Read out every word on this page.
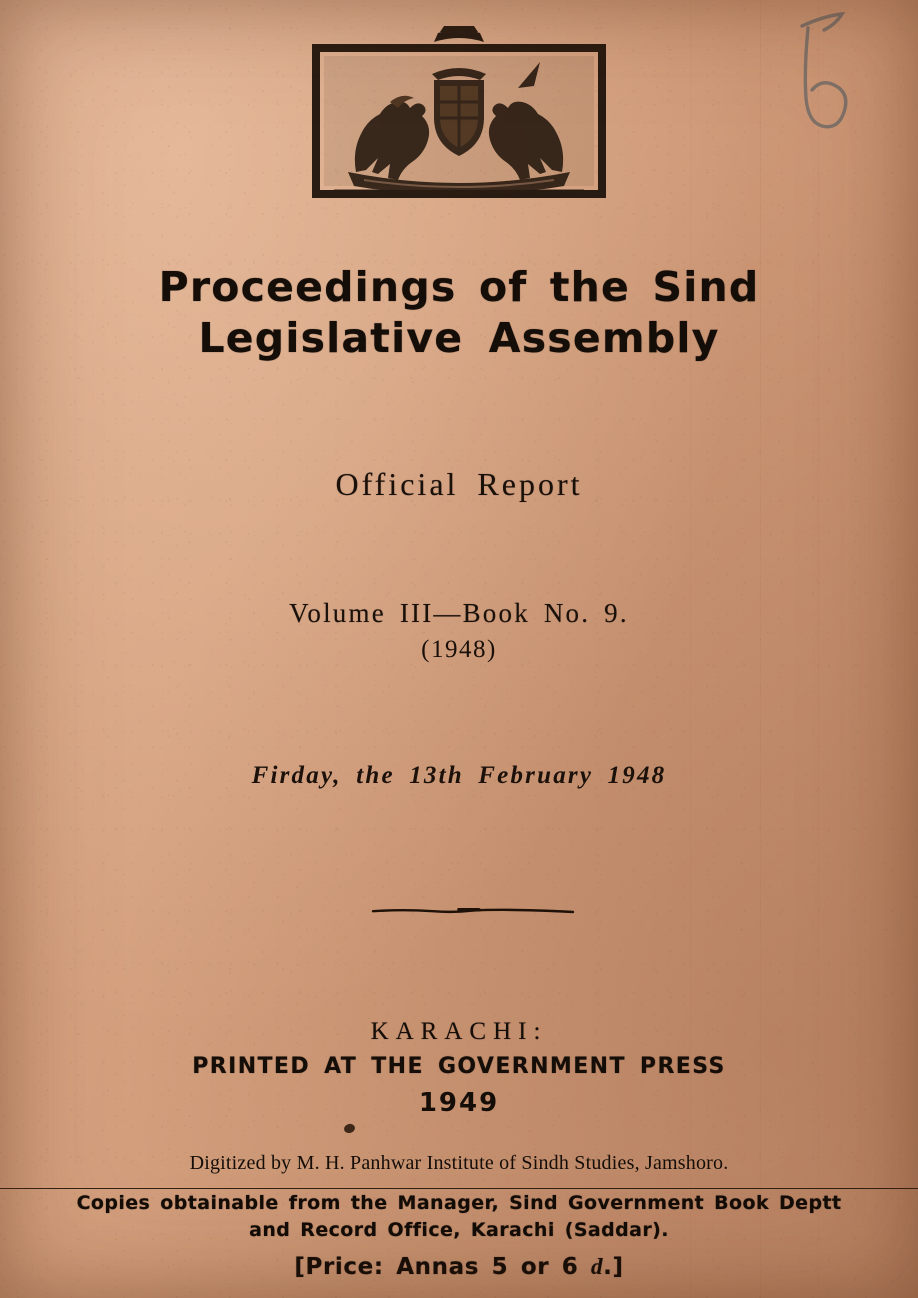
Proceedings of the Sind
Legislative Assembly
Official Report
Volume III—Book No. 9.
(1948)
Firday, the 13th February 1948
KARACHI:
PRINTED AT THE GOVERNMENT PRESS
1949
Digitized by M. H. Panhwar Institute of Sindh Studies, Jamshoro.
Copies obtainable from the Manager, Sind Government Book Deptt
and Record Office, Karachi (Saddar).
[Price: Annas 5 or 6 d.]
